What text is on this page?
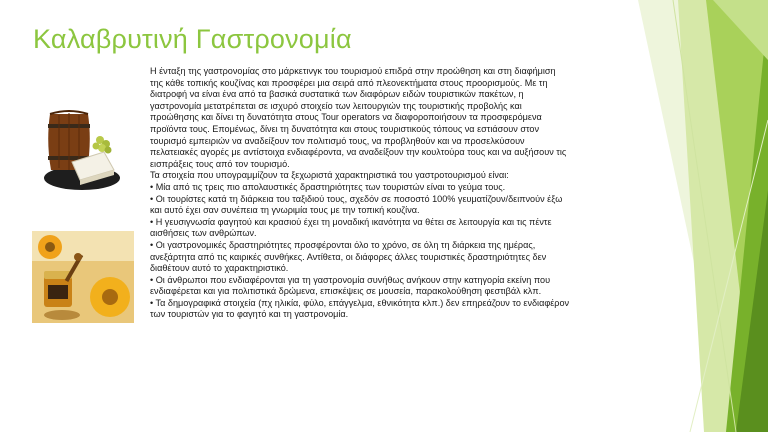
Καλαβρυτινή Γαστρονομία

Η ένταξη της γαστρονομίας στο μάρκετινγκ του τουρισμού επιδρά στην προώθηση και στη διαφήμιση της κάθε τοπικής κουζίνας και προσφέρει μια σειρά από πλεονεκτήματα στους προορισμούς. Με τη διατροφή να είναι ένα από τα βασικά συστατικά των διαφόρων ειδών τουριστικών πακέτων, η γαστρονομία μετατρέπεται σε ισχυρό στοιχείο των λειτουργιών της τουριστικής προβολής και προώθησης και δίνει τη δυνατότητα στους Tour operators να διαφοροποιήσουν τα προσφερόμενα προϊόντα τους. Επομένως, δίνει τη δυνατότητα και στους τουριστικούς τόπους να εστιάσουν στον τουρισμό εμπειριών να αναδείξουν τον πολιτισμό τους, να προβληθούν και να προσελκύσουν πελατειακές αγορές με αντίστοιχα ενδιαφέροντα, να αναδείξουν την κουλτούρα τους και να αυξήσουν τις εισπράξεις τους από τον τουρισμό.

Τα στοιχεία που υπογραμμίζουν τα ξεχωριστά χαρακτηριστικά του γαστροτουρισμού είναι:

• Μία από τις τρεις πιο απολαυστικές δραστηριότητες των τουριστών είναι το γεύμα τους.

• Οι τουρίστες κατά τη διάρκεια του ταξιδιού τους, σχεδόν σε ποσοστό 100% γευματίζουν/δειπνούν έξω και αυτό έχει σαν συνέπεια τη γνωριμία τους με την τοπική κουζίνα.

• Η γευσιγνωσία φαγητού και κρασιού έχει τη μοναδική ικανότητα να θέτει σε λειτουργία και τις πέντε αισθήσεις των ανθρώπων.

• Οι γαστρονομικές δραστηριότητες προσφέρονται όλο το χρόνο, σε όλη τη διάρκεια της ημέρας, ανεξάρτητα από τις καιρικές συνθήκες. Αντίθετα, οι διάφορες άλλες τουριστικές δραστηριότητες δεν διαθέτουν αυτό το χαρακτηριστικό.

• Οι άνθρωποι που ενδιαφέρονται για τη γαστρονομία συνήθως ανήκουν στην κατηγορία εκείνη που ενδιαφέρεται και για πολιτιστικά δρώμενα, επισκέψεις σε μουσεία, παρακολούθηση φεστιβάλ κλπ.

• Τα δημογραφικά στοιχεία (πχ ηλικία, φύλο, επάγγελμα, εθνικότητα κλπ.) δεν επηρεάζουν το ενδιαφέρον των τουριστών για το φαγητό και τη γαστρονομία.
